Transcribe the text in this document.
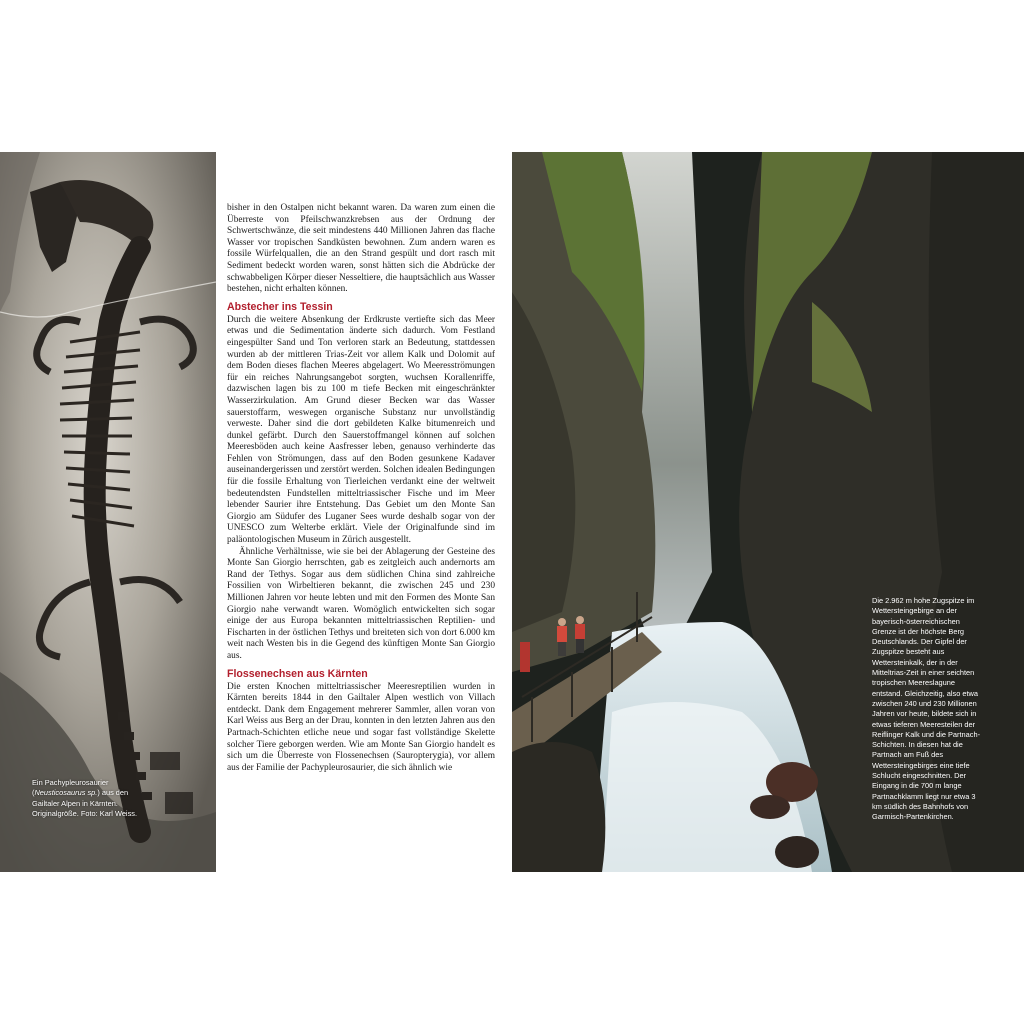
Ein Pachypleurosaurier (Neusticosaurus sp.) aus den Gailtaler Alpen in Kärnten. Originalgröße. Foto: Karl Weiss.

bisher in den Ostalpen nicht bekannt waren. Da waren zum einen die Überreste von Pfeilschwanzkrebsen aus der Ordnung der Schwertschwänze, die seit mindestens 440 Millionen Jahren das flache Wasser vor tropischen Sandküsten bewohnen. Zum andern waren es fossile Würfelquallen, die an den Strand gespült und dort rasch mit Sediment bedeckt worden waren, sonst hätten sich die Abdrücke der schwabbeligen Körper dieser Nesseltiere, die hauptsächlich aus Wasser bestehen, nicht erhalten können.

Abstecher ins Tessin

Durch die weitere Absenkung der Erdkruste vertiefte sich das Meer etwas und die Sedimentation änderte sich dadurch. Vom Festland eingespülter Sand und Ton verloren stark an Bedeutung, stattdessen wurden ab der mittleren Trias-Zeit vor allem Kalk und Dolomit auf dem Boden dieses flachen Meeres abgelagert. Wo Meeresströmungen für ein reiches Nahrungsangebot sorgten, wuchsen Korallenriffe, dazwischen lagen bis zu 100 m tiefe Becken mit eingeschränkter Wasserzirkulation. Am Grund dieser Becken war das Wasser sauerstoffarm, weswegen organische Substanz nur unvollständig verweste. Daher sind die dort gebildeten Kalke bitumenreich und dunkel gefärbt. Durch den Sauerstoffmangel können auf solchen Meeresböden auch keine Aasfresser leben, genauso verhinderte das Fehlen von Strömungen, dass auf den Boden gesunkene Kadaver auseinandergerissen und zerstört werden. Solchen idealen Bedingungen für die fossile Erhaltung von Tierleichen verdankt eine der weltweit bedeutendsten Fundstellen mitteltriassischer Fische und im Meer lebender Saurier ihre Entstehung. Das Gebiet um den Monte San Giorgio am Südufer des Luganer Sees wurde deshalb sogar von der UNESCO zum Welterbe erklärt. Viele der Originalfunde sind im paläontologischen Museum in Zürich ausgestellt.

Ähnliche Verhältnisse, wie sie bei der Ablagerung der Gesteine des Monte San Giorgio herrschten, gab es zeitgleich auch andernorts am Rand der Tethys. Sogar aus dem südlichen China sind zahlreiche Fossilien von Wirbeltieren bekannt, die zwischen 245 und 230 Millionen Jahren vor heute lebten und mit den Formen des Monte San Giorgio nahe verwandt waren. Womöglich entwickelten sich sogar einige der aus Europa bekannten mitteltriassischen Reptilien- und Fischarten in der östlichen Tethys und breiteten sich von dort 6.000 km weit nach Westen bis in die Gegend des künftigen Monte San Giorgio aus.

Flossenechsen aus Kärnten

Die ersten Knochen mitteltriassischer Meeresreptilien wurden in Kärnten bereits 1844 in den Gailtaler Alpen westlich von Villach entdeckt. Dank dem Engagement mehrerer Sammler, allen voran von Karl Weiss aus Berg an der Drau, konnten in den letzten Jahren aus den Partnach-Schichten etliche neue und sogar fast vollständige Skelette solcher Tiere geborgen werden. Wie am Monte San Giorgio handelt es sich um die Überreste von Flossenechsen (Sauropterygia), vor allem aus der Familie der Pachypleurosaurier, die sich ähnlich wie

Die 2.962 m hohe Zugspitze im Wettersteingebirge an der bayerisch-österreichischen Grenze ist der höchste Berg Deutschlands. Der Gipfel der Zugspitze besteht aus Wettersteinkalk, der in der Mitteltrias-Zeit in einer seichten tropischen Meereslagune entstand. Gleichzeitig, also etwa zwischen 240 und 230 Millionen Jahren vor heute, bildete sich in etwas tieferen Meeresteilen der Reiflinger Kalk und die Partnach-Schichten. In diesen hat die Partnach am Fuß des Wettersteingebirges eine tiefe Schlucht eingeschnitten. Der Eingang in die 700 m lange Partnachklamm liegt nur etwa 3 km südlich des Bahnhofs von Garmisch-Partenkirchen.
